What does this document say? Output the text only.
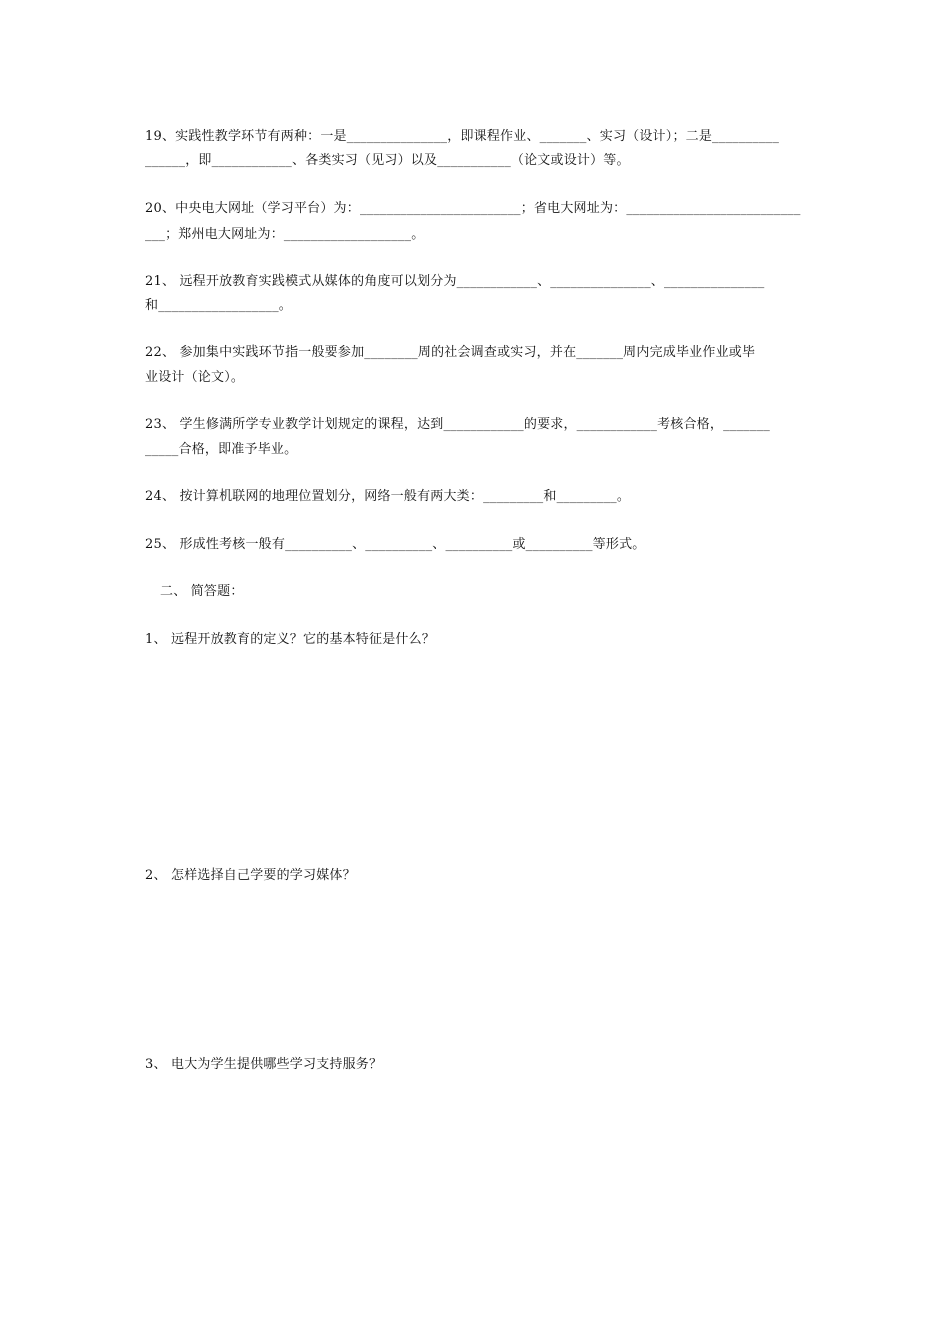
19、实践性教学环节有两种：一是_______________，即课程作业、_______、实习（设计）；二是__________
______，即____________、各类实习（见习）以及___________（论文或设计）等。
20、中央电大网址（学习平台）为：________________________；省电大网址为：__________________________
___；郑州电大网址为：___________________。
21、 远程开放教育实践模式从媒体的角度可以划分为____________、_______________、_______________
和__________________。
22、 参加集中实践环节指一般要参加________周的社会调查或实习，并在_______周内完成毕业作业或毕
业设计（论文）。
23、 学生修满所学专业教学计划规定的课程，达到____________的要求，____________考核合格，_______
_____合格，即准予毕业。
24、 按计算机联网的地理位置划分，网络一般有两大类：_________和_________。
25、 形成性考核一般有__________、__________、__________或__________等形式。
二、 简答题：
1、 远程开放教育的定义？它的基本特征是什么？
2、 怎样选择自己学要的学习媒体？
3、 电大为学生提供哪些学习支持服务？
